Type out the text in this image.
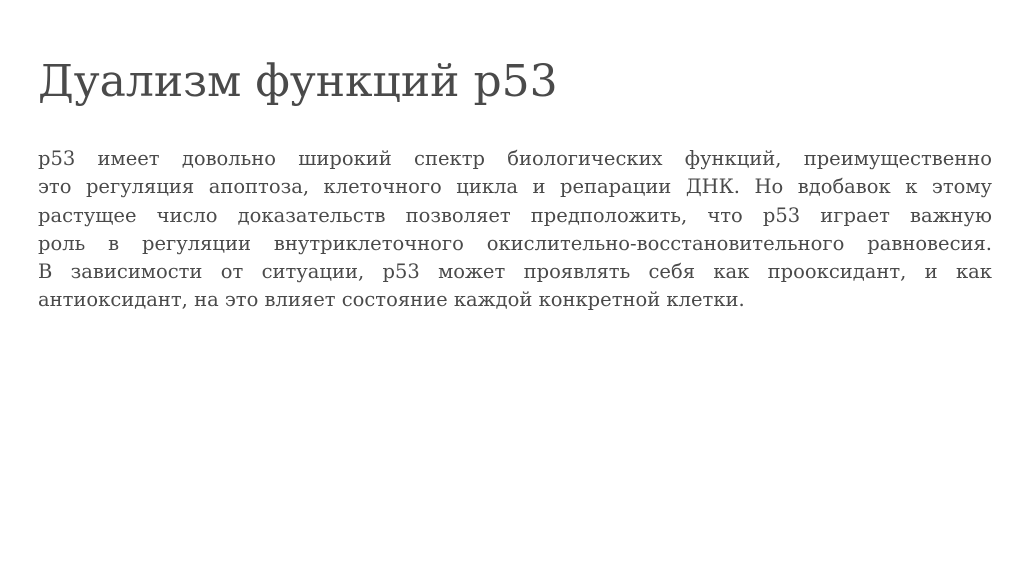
Дуализм функций p53
p53 имеет довольно широкий спектр биологических функций, преимущественно
это регуляция апоптоза, клеточного цикла и репарации ДНК. Но вдобавок к этому
растущее число доказательств позволяет предположить, что p53 играет важную
роль в регуляции внутриклеточного окислительно-восстановительного равновесия.
В зависимости от ситуации, p53 может проявлять себя как прооксидант, и как
антиоксидант, на это влияет состояние каждой конкретной клетки.
